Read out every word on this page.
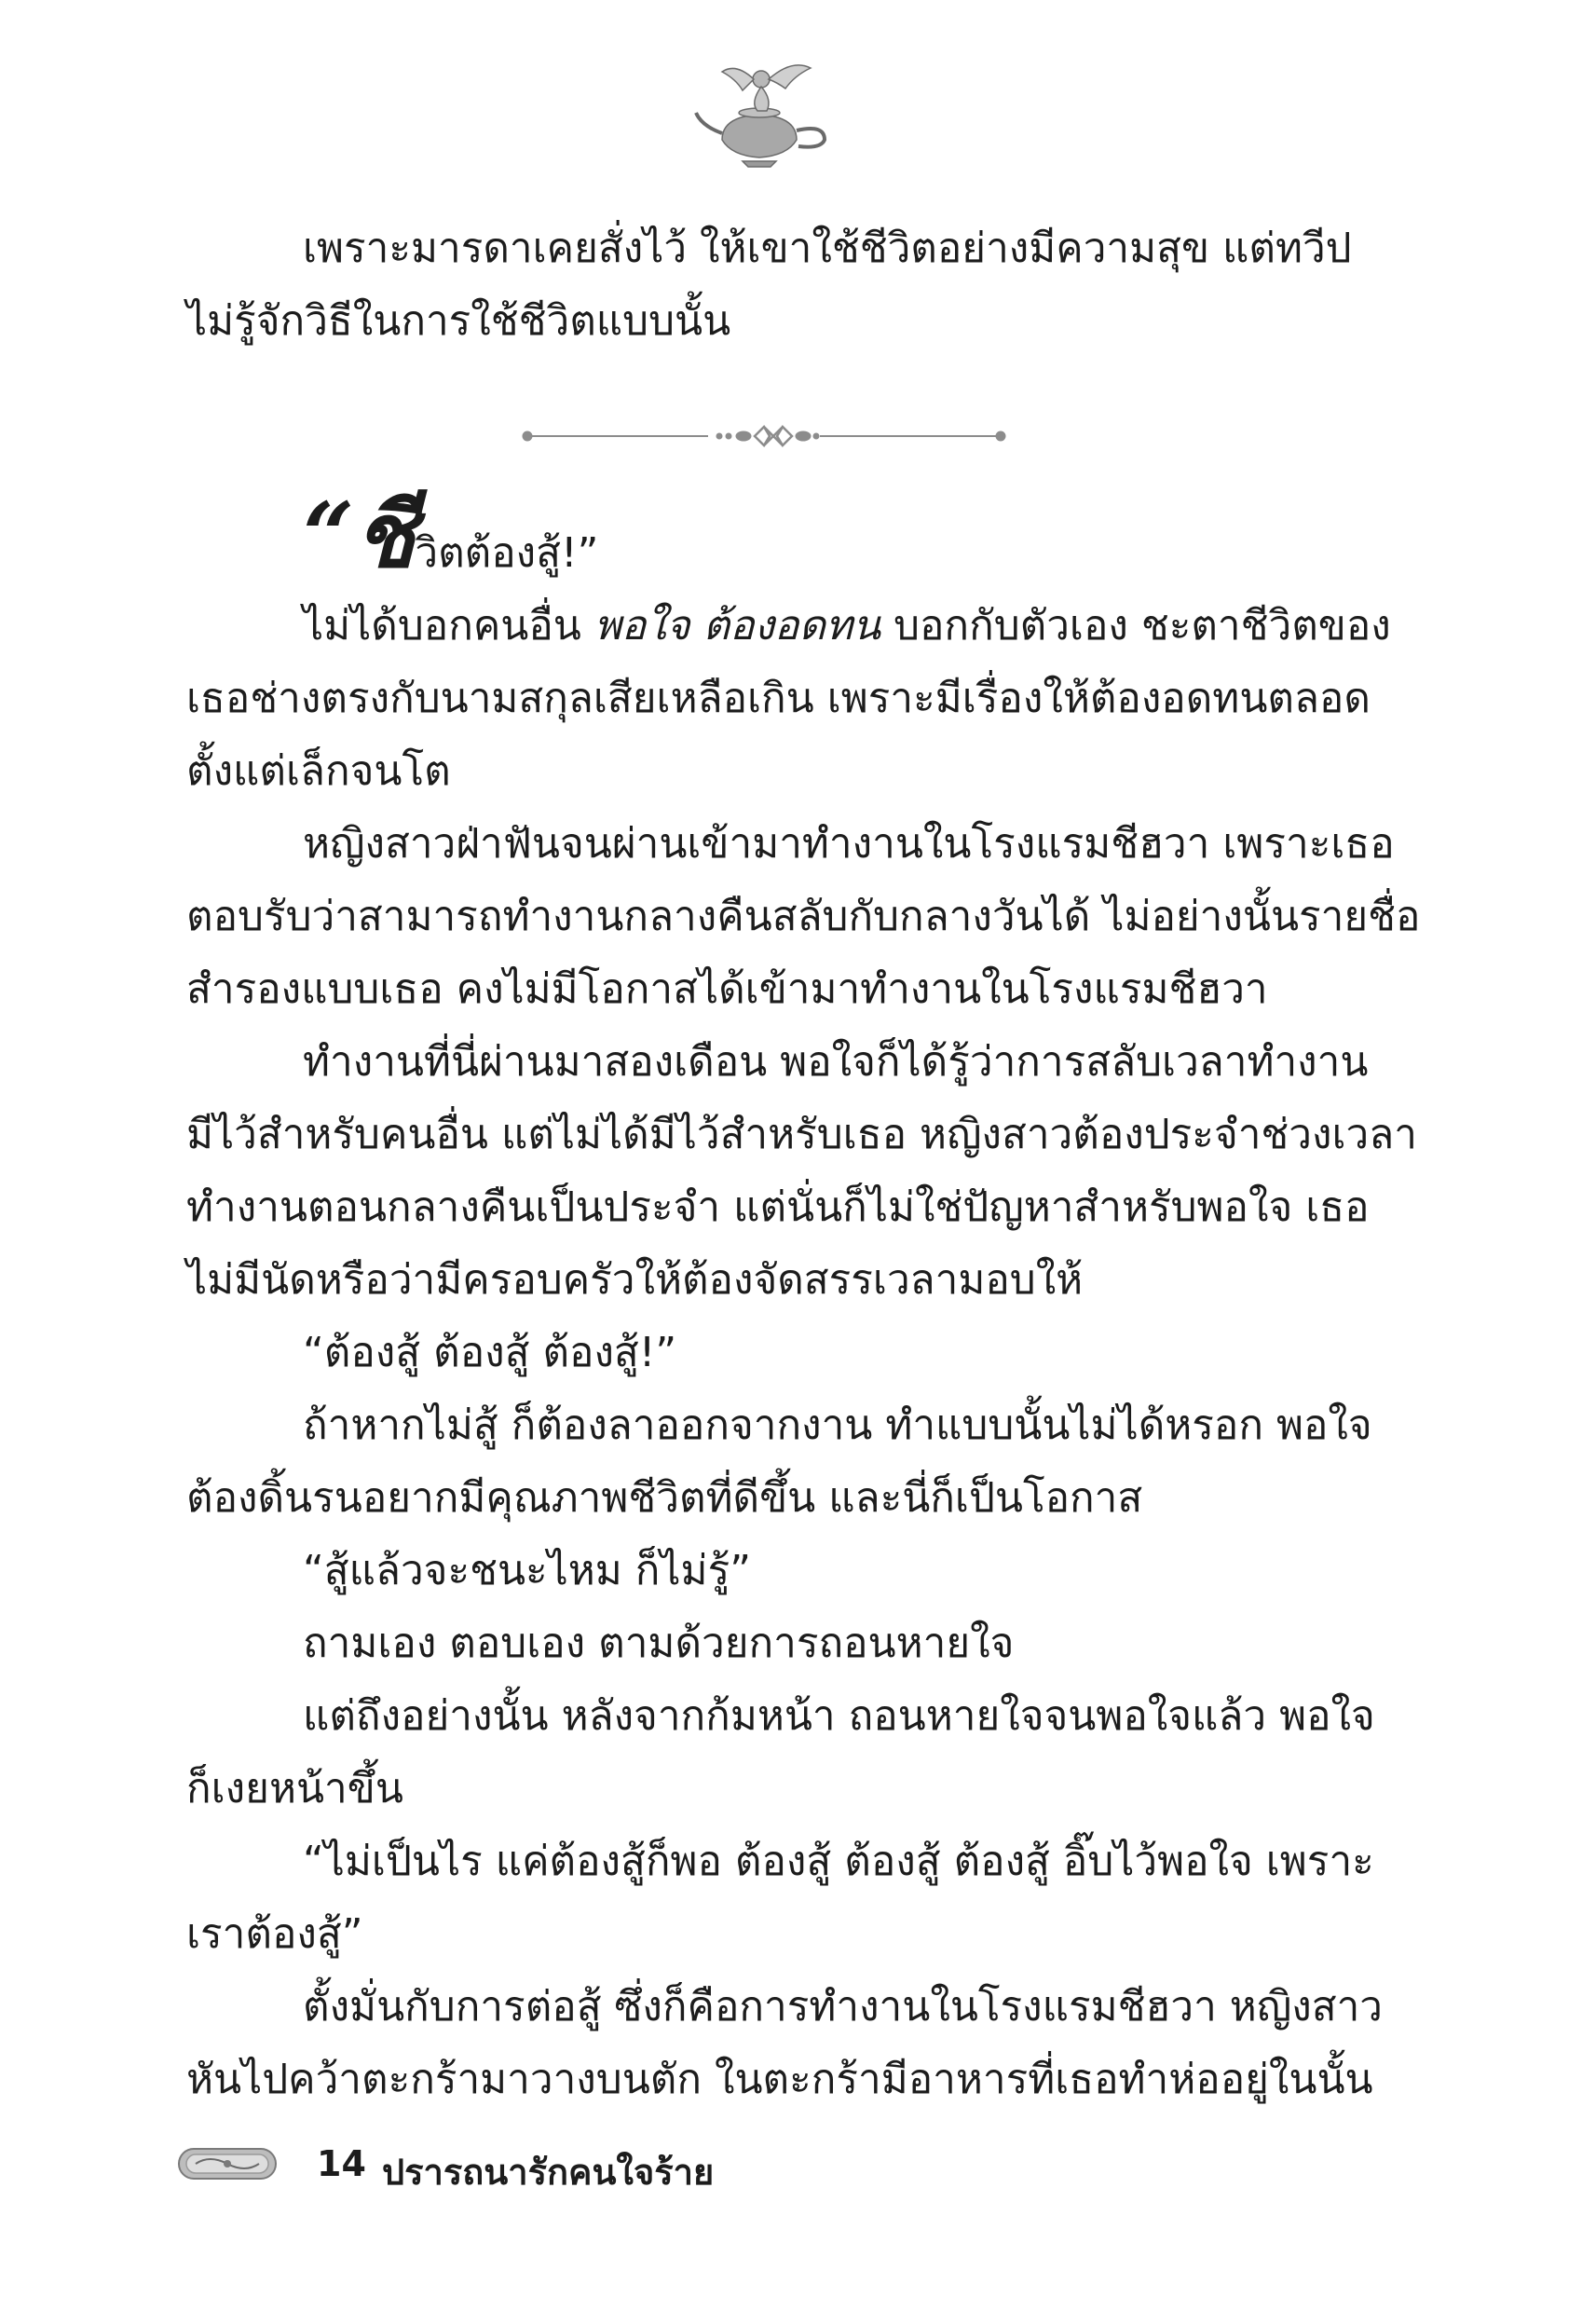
เพราะมารดาเคยสั่งไว้ ให้เขาใช้ชีวิตอย่างมีความสุข แต่ทวีป
ไม่รู้จักวิธีในการใช้ชีวิตแบบนั้น
“ชีวิตต้องสู้!”
ไม่ได้บอกคนอื่น พอใจ ต้องอดทน บอกกับตัวเอง ชะตาชีวิตของ
เธอช่างตรงกับนามสกุลเสียเหลือเกิน เพราะมีเรื่องให้ต้องอดทนตลอด
ตั้งแต่เล็กจนโต
หญิงสาวฝ่าฟันจนผ่านเข้ามาทำงานในโรงแรมชีฮวา เพราะเธอ
ตอบรับว่าสามารถทำงานกลางคืนสลับกับกลางวันได้ ไม่อย่างนั้นรายชื่อ
สำรองแบบเธอ คงไม่มีโอกาสได้เข้ามาทำงานในโรงแรมชีฮวา
ทำงานที่นี่ผ่านมาสองเดือน พอใจก็ได้รู้ว่าการสลับเวลาทำงาน
มีไว้สำหรับคนอื่น แต่ไม่ได้มีไว้สำหรับเธอ หญิงสาวต้องประจำช่วงเวลา
ทำงานตอนกลางคืนเป็นประจำ แต่นั่นก็ไม่ใช่ปัญหาสำหรับพอใจ เธอ
ไม่มีนัดหรือว่ามีครอบครัวให้ต้องจัดสรรเวลามอบให้
“ต้องสู้ ต้องสู้ ต้องสู้!”
ถ้าหากไม่สู้ ก็ต้องลาออกจากงาน ทำแบบนั้นไม่ได้หรอก พอใจ
ต้องดิ้นรนอยากมีคุณภาพชีวิตที่ดีขึ้น และนี่ก็เป็นโอกาส
“สู้แล้วจะชนะไหม ก็ไม่รู้”
ถามเอง ตอบเอง ตามด้วยการถอนหายใจ
แต่ถึงอย่างนั้น หลังจากก้มหน้า ถอนหายใจจนพอใจแล้ว พอใจ
ก็เงยหน้าขึ้น
“ไม่เป็นไร แค่ต้องสู้ก็พอ ต้องสู้ ต้องสู้ ต้องสู้ อิ๊บไว้พอใจ เพราะ
เราต้องสู้”
ตั้งมั่นกับการต่อสู้ ซึ่งก็คือการทำงานในโรงแรมชีฮวา หญิงสาว
หันไปคว้าตะกร้ามาวางบนตัก ในตะกร้ามีอาหารที่เธอทำห่ออยู่ในนั้น
14 ปรารถนารักคนใจร้าย
